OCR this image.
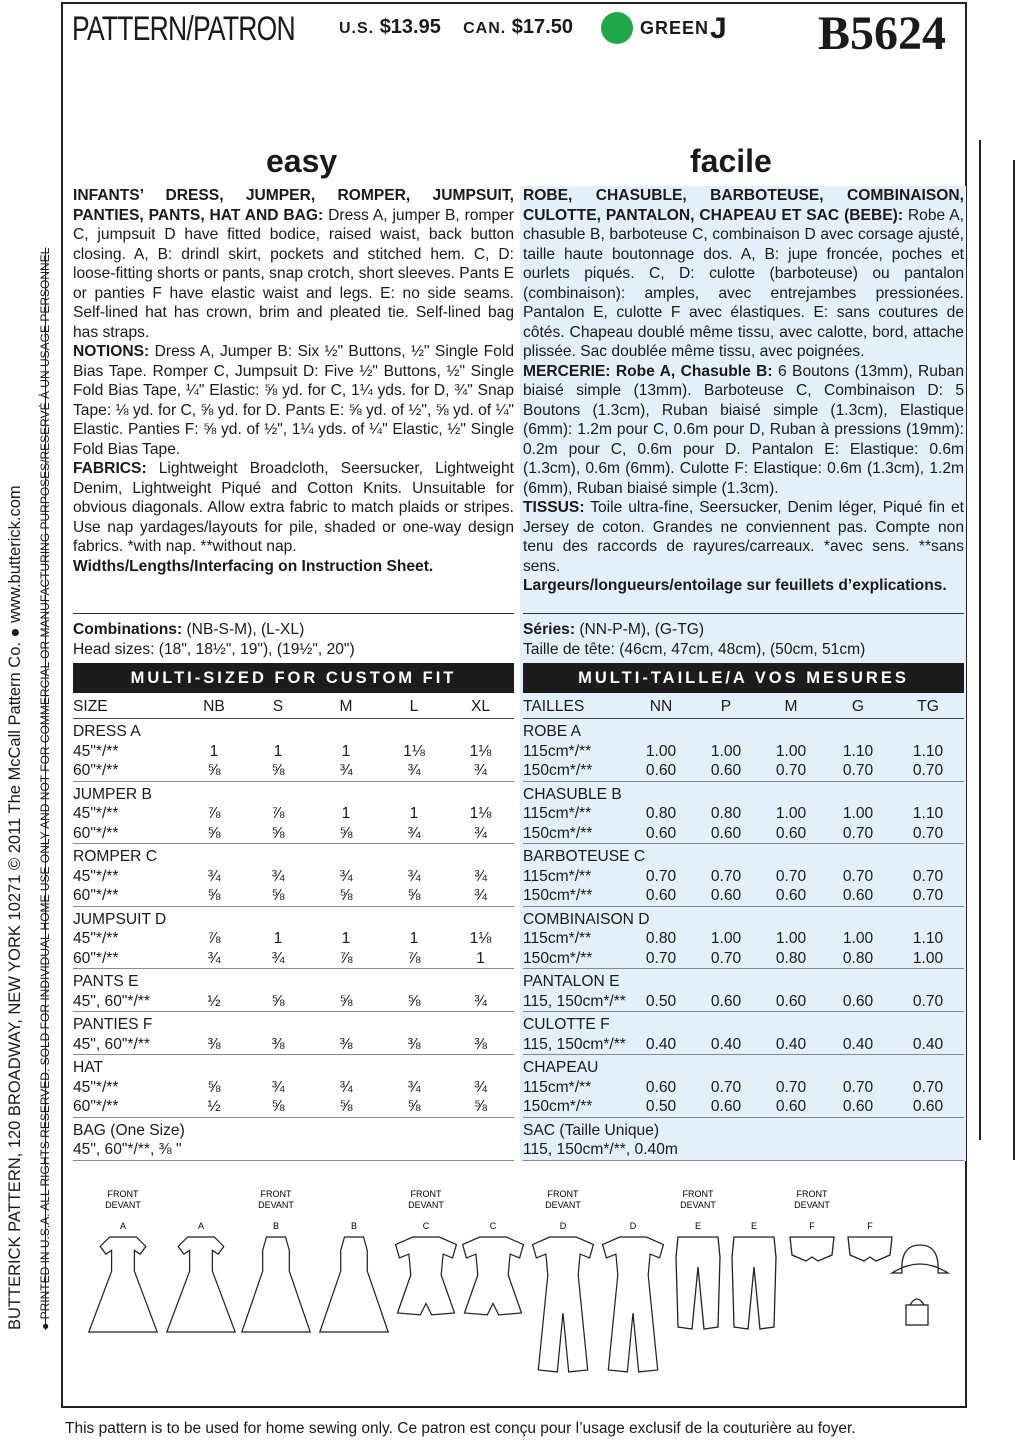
BUTTERICK PATTERN, 120 BROADWAY, NEW YORK 10271 © 2011 The McCall Pattern Co. ● www.butterick.com ● PRINTED IN U.S.A. ALL RIGHTS RESERVED. SOLD FOR INDIVIDUAL HOME USE ONLY AND NOT FOR COMMERCIAL OR MANUFACTURING PURPOSES/RESERVÉ À UN USAGE PERSONNEL
PATTERN/PATRON	U.S. $13.95 CAN. $17.50	GREEN J B5624
easy	facile

INFANTS’ DRESS, JUMPER, ROMPER, JUMPSUIT, PANTIES, PANTS, HAT AND BAG: Dress A, jumper B, romper C, jumpsuit D have fitted bodice, raised waist, back button closing. A, B: drindl skirt, pockets and stitched hem. C, D: loose-fitting shorts or pants, snap crotch, short sleeves. Pants E or panties F have elastic waist and legs. E: no side seams. Self-lined hat has crown, brim and pleated tie. Self-lined bag has straps.

NOTIONS: Dress A, Jumper B: Six ½" Buttons, ½" Single Fold Bias Tape. Romper C, Jumpsuit D: Five ½" Buttons, ½" Single Fold Bias Tape, ¼" Elastic: ⅝ yd. for C, 1¼ yds. for D, ¾" Snap Tape: ⅛ yd. for C, ⅝ yd. for D. Pants E: ⅝ yd. of ½", ⅝ yd. of ¼" Elastic. Panties F: ⅝ yd. of ½", 1¼ yds. of ¼" Elastic, ½" Single Fold Bias Tape.

FABRICS: Lightweight Broadcloth, Seersucker, Lightweight Denim, Lightweight Piqué and Cotton Knits. Unsuitable for obvious diagonals. Allow extra fabric to match plaids or stripes. Use nap yardages/layouts for pile, shaded or one-way design fabrics. *with nap. **without nap.

Widths/Lengths/Interfacing on Instruction Sheet.

ROBE, CHASUBLE, BARBOTEUSE, COMBINAISON, CULOTTE, PANTALON, CHAPEAU ET SAC (BEBE): Robe A, chasuble B, barboteuse C, combinaison D avec corsage ajusté, taille haute boutonnage dos. A, B: jupe froncée, poches et ourlets piqués. C, D: culotte (barboteuse) ou pantalon (combinaison): amples, avec entrejambes pressionées. Pantalon E, culotte F avec élastiques. E: sans coutures de côtés. Chapeau doublé même tissu, avec calotte, bord, attache plissée. Sac doublée même tissu, avec poignées.

MERCERIE: Robe A, Chasuble B: 6 Boutons (13mm), Ruban biaisé simple (13mm). Barboteuse C, Combinaison D: 5 Boutons (1.3cm), Ruban biaisé simple (1.3cm), Elastique (6mm): 1.2m pour C, 0.6m pour D, Ruban à pressions (19mm): 0.2m pour C, 0.6m pour D. Pantalon E: Elastique: 0.6m (1.3cm), 0.6m (6mm). Culotte F: Elastique: 0.6m (1.3cm), 1.2m (6mm), Ruban biaisé simple (1.3cm).

TISSUS: Toile ultra-fine, Seersucker, Denim léger, Piqué fin et Jersey de coton. Grandes ne conviennent pas. Compte non tenu des raccords de rayures/carreaux. *avec sens. **sans sens.

Largeurs/longueurs/entoilage sur feuillets d’explications.

Combinations: (NB-S-M), (L-XL)
Head sizes: (18", 18½", 19"), (19½", 20")
Séries: (NN-P-M), (G-TG)
Taille de tête: (46cm, 47cm, 48cm), (50cm, 51cm)
MULTI-SIZED FOR CUSTOM FIT	MULTI-TAILLE/A VOS MESURES
SIZE	NB	S	M	L	XL
DRESS A					
45"*/**	1	1	1	1⅛	1⅛
60"*/**	⅝	⅝	¾	¾	¾
JUMPER B					
45"*/**	⅞	⅞	1	1	1⅛
60"*/**	⅝	⅝	⅝	¾	¾
ROMPER C					
45"*/**	¾	¾	¾	¾	¾
60"*/**	⅝	⅝	⅝	⅝	¾
JUMPSUIT D					
45"*/**	⅞	1	1	1	1⅛
60"*/**	¾	¾	⅞	⅞	1
PANTS E					
45", 60"*/**	½	⅝	⅝	⅝	¾
PANTIES F					
45", 60"*/**	⅜	⅜	⅜	⅜	⅜
HAT					
45"*/**	⅝	¾	¾	¾	¾
60"*/**	½	⅝	⅝	⅝	⅝
BAG (One Size)					
45", 60"*/**, ⅜ "					
TAILLES	NN	P	M	G	TG
ROBE A					
115cm*/**	1.00	1.00	1.00	1.10	1.10
150cm*/**	0.60	0.60	0.70	0.70	0.70
CHASUBLE B					
115cm*/**	0.80	0.80	1.00	1.00	1.10
150cm*/**	0.60	0.60	0.60	0.70	0.70
BARBOTEUSE C					
115cm*/**	0.70	0.70	0.70	0.70	0.70
150cm*/**	0.60	0.60	0.60	0.60	0.70
COMBINAISON D					
115cm*/**	0.80	1.00	1.00	1.00	1.10
150cm*/**	0.70	0.70	0.80	0.80	1.00
PANTALON E					
115, 150cm*/**	0.50	0.60	0.60	0.60	0.70
CULOTTE F					
115, 150cm*/**	0.40	0.40	0.40	0.40	0.40
CHAPEAU					
115cm*/**	0.60	0.70	0.70	0.70	0.70
150cm*/**	0.50	0.60	0.60	0.60	0.60
SAC (Taille Unique)					
115, 150cm*/**, 0.40m					
FRONT
DEVANT
A	A
FRONT
DEVANT
B	B
FRONT
DEVANT
C	C
FRONT
DEVANT
D	D
FRONT
DEVANT
E	E
FRONT
DEVANT
F	F
This pattern is to be used for home sewing only. Ce patron est conçu pour l’usage exclusif de la couturière au foyer.
